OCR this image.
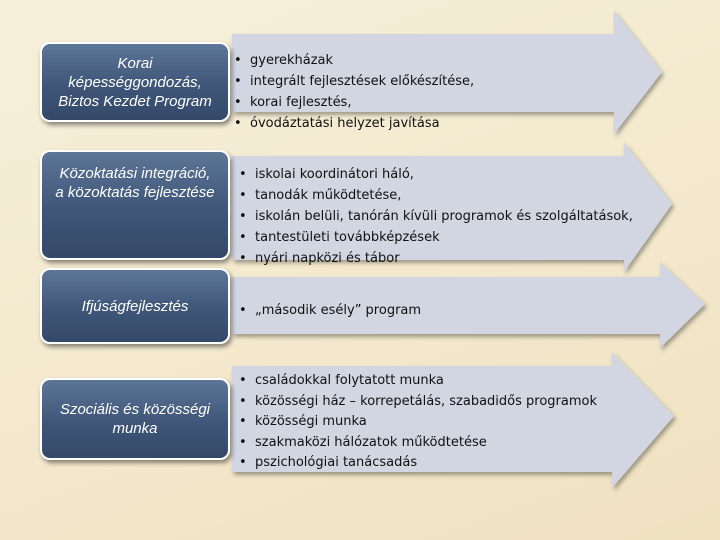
Korai
képességgondozás,
Biztos Kezdet Program
• gyerekházak
• integrált fejlesztések előkészítése,
• korai fejlesztés,
• óvodáztatási helyzet javítása
Közoktatási integráció,
a közoktatás fejlesztése
• iskolai koordinátori háló,
• tanodák működtetése,
• iskolán belüli, tanórán kívüli programok és szolgáltatások,
• tantestületi továbbképzések
• nyári napközi és tábor
Ifjúságfejlesztés
•	„második esély” program
Szociális és közösségi
munka
• családokkal folytatott munka
• közösségi ház – korrepetálás, szabadidős programok
• közösségi munka
• szakmaközi hálózatok működtetése
• pszichológiai tanácsadás
